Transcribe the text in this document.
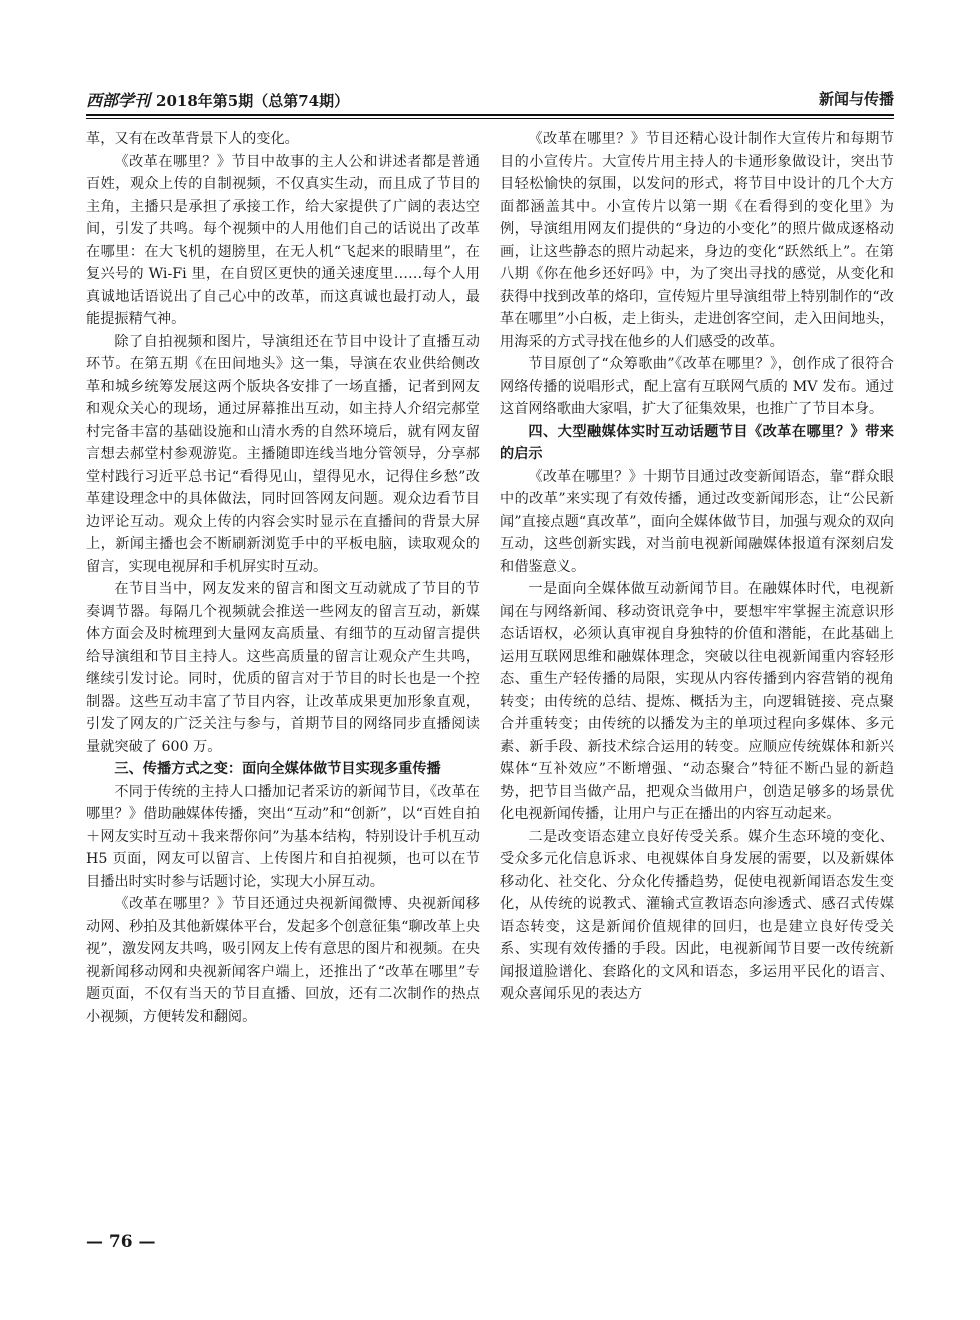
西部学刊 2018年第5期（总第74期）	新闻与传播

革，又有在改革背景下人的变化。

《改革在哪里？》节目中故事的主人公和讲述者都是普通百姓，观众上传的自制视频，不仅真实生动，而且成了节目的主角，主播只是承担了承接工作，给大家提供了广阔的表达空间，引发了共鸣。每个视频中的人用他们自己的话说出了改革在哪里：在大飞机的翅膀里，在无人机“飞起来的眼睛里”，在复兴号的 Wi-Fi 里，在自贸区更快的通关速度里……每个人用真诚地话语说出了自己心中的改革，而这真诚也最打动人，最能提振精气神。

除了自拍视频和图片，导演组还在节目中设计了直播互动环节。在第五期《在田间地头》这一集，导演在农业供给侧改革和城乡统筹发展这两个版块各安排了一场直播，记者到网友和观众关心的现场，通过屏幕推出互动，如主持人介绍完郝堂村完备丰富的基础设施和山清水秀的自然环境后，就有网友留言想去郝堂村参观游览。主播随即连线当地分管领导，分享郝堂村践行习近平总书记“看得见山，望得见水，记得住乡愁”改革建设理念中的具体做法，同时回答网友问题。观众边看节目边评论互动。观众上传的内容会实时显示在直播间的背景大屏上，新闻主播也会不断刷新浏览手中的平板电脑，读取观众的留言，实现电视屏和手机屏实时互动。

在节目当中，网友发来的留言和图文互动就成了节目的节奏调节器。每隔几个视频就会推送一些网友的留言互动，新媒体方面会及时梳理到大量网友高质量、有细节的互动留言提供给导演组和节目主持人。这些高质量的留言让观众产生共鸣，继续引发讨论。同时，优质的留言对于节目的时长也是一个控制器。这些互动丰富了节目内容，让改革成果更加形象直观，引发了网友的广泛关注与参与，首期节目的网络同步直播阅读量就突破了 600 万。

三、传播方式之变：面向全媒体做节目实现多重传播

不同于传统的主持人口播加记者采访的新闻节目，《改革在哪里？》借助融媒体传播，突出“互动”和“创新”，以“百姓自拍＋网友实时互动＋我来帮你问”为基本结构，特别设计手机互动 H5 页面，网友可以留言、上传图片和自拍视频，也可以在节目播出时实时参与话题讨论，实现大小屏互动。

《改革在哪里？》节目还通过央视新闻微博、央视新闻移动网、秒拍及其他新媒体平台，发起多个创意征集“聊改革上央视”，激发网友共鸣，吸引网友上传有意思的图片和视频。在央视新闻移动网和央视新闻客户端上，还推出了“改革在哪里”专题页面，不仅有当天的节目直播、回放，还有二次制作的热点小视频，方便转发和翻阅。

《改革在哪里？》节目还精心设计制作大宣传片和每期节目的小宣传片。大宣传片用主持人的卡通形象做设计，突出节目轻松愉快的氛围，以发问的形式，将节目中设计的几个大方面都涵盖其中。小宣传片以第一期《在看得到的变化里》为例，导演组用网友们提供的“身边的小变化”的照片做成逐格动画，让这些静态的照片动起来，身边的变化“跃然纸上”。在第八期《你在他乡还好吗》中，为了突出寻找的感觉，从变化和获得中找到改革的烙印，宣传短片里导演组带上特别制作的“改革在哪里”小白板，走上街头，走进创客空间，走入田间地头，用海采的方式寻找在他乡的人们感受的改革。

节目原创了“众筹歌曲”《改革在哪里？》，创作成了很符合网络传播的说唱形式，配上富有互联网气质的 MV 发布。通过这首网络歌曲大家唱，扩大了征集效果，也推广了节目本身。

四、大型融媒体实时互动话题节目《改革在哪里？》带来的启示

《改革在哪里？》十期节目通过改变新闻语态，靠“群众眼中的改革”来实现了有效传播，通过改变新闻形态，让“公民新闻”直接点题“真改革”，面向全媒体做节目，加强与观众的双向互动，这些创新实践，对当前电视新闻融媒体报道有深刻启发和借鉴意义。

一是面向全媒体做互动新闻节目。在融媒体时代，电视新闻在与网络新闻、移动资讯竞争中，要想牢牢掌握主流意识形态话语权，必须认真审视自身独特的价值和潜能，在此基础上运用互联网思维和融媒体理念，突破以往电视新闻重内容轻形态、重生产轻传播的局限，实现从内容传播到内容营销的视角转变；由传统的总结、提炼、概括为主，向逻辑链接、亮点聚合并重转变；由传统的以播发为主的单项过程向多媒体、多元素、新手段、新技术综合运用的转变。应顺应传统媒体和新兴媒体“互补效应”不断增强、“动态聚合”特征不断凸显的新趋势，把节目当做产品，把观众当做用户，创造足够多的场景优化电视新闻传播，让用户与正在播出的内容互动起来。

二是改变语态建立良好传受关系。媒介生态环境的变化、受众多元化信息诉求、电视媒体自身发展的需要，以及新媒体移动化、社交化、分众化传播趋势，促使电视新闻语态发生变化，从传统的说教式、灌输式宣教语态向渗透式、感召式传媒语态转变，这是新闻价值规律的回归，也是建立良好传受关系、实现有效传播的手段。因此，电视新闻节目要一改传统新闻报道脸谱化、套路化的文风和语态，多运用平民化的语言、观众喜闻乐见的表达方

— 76 —
